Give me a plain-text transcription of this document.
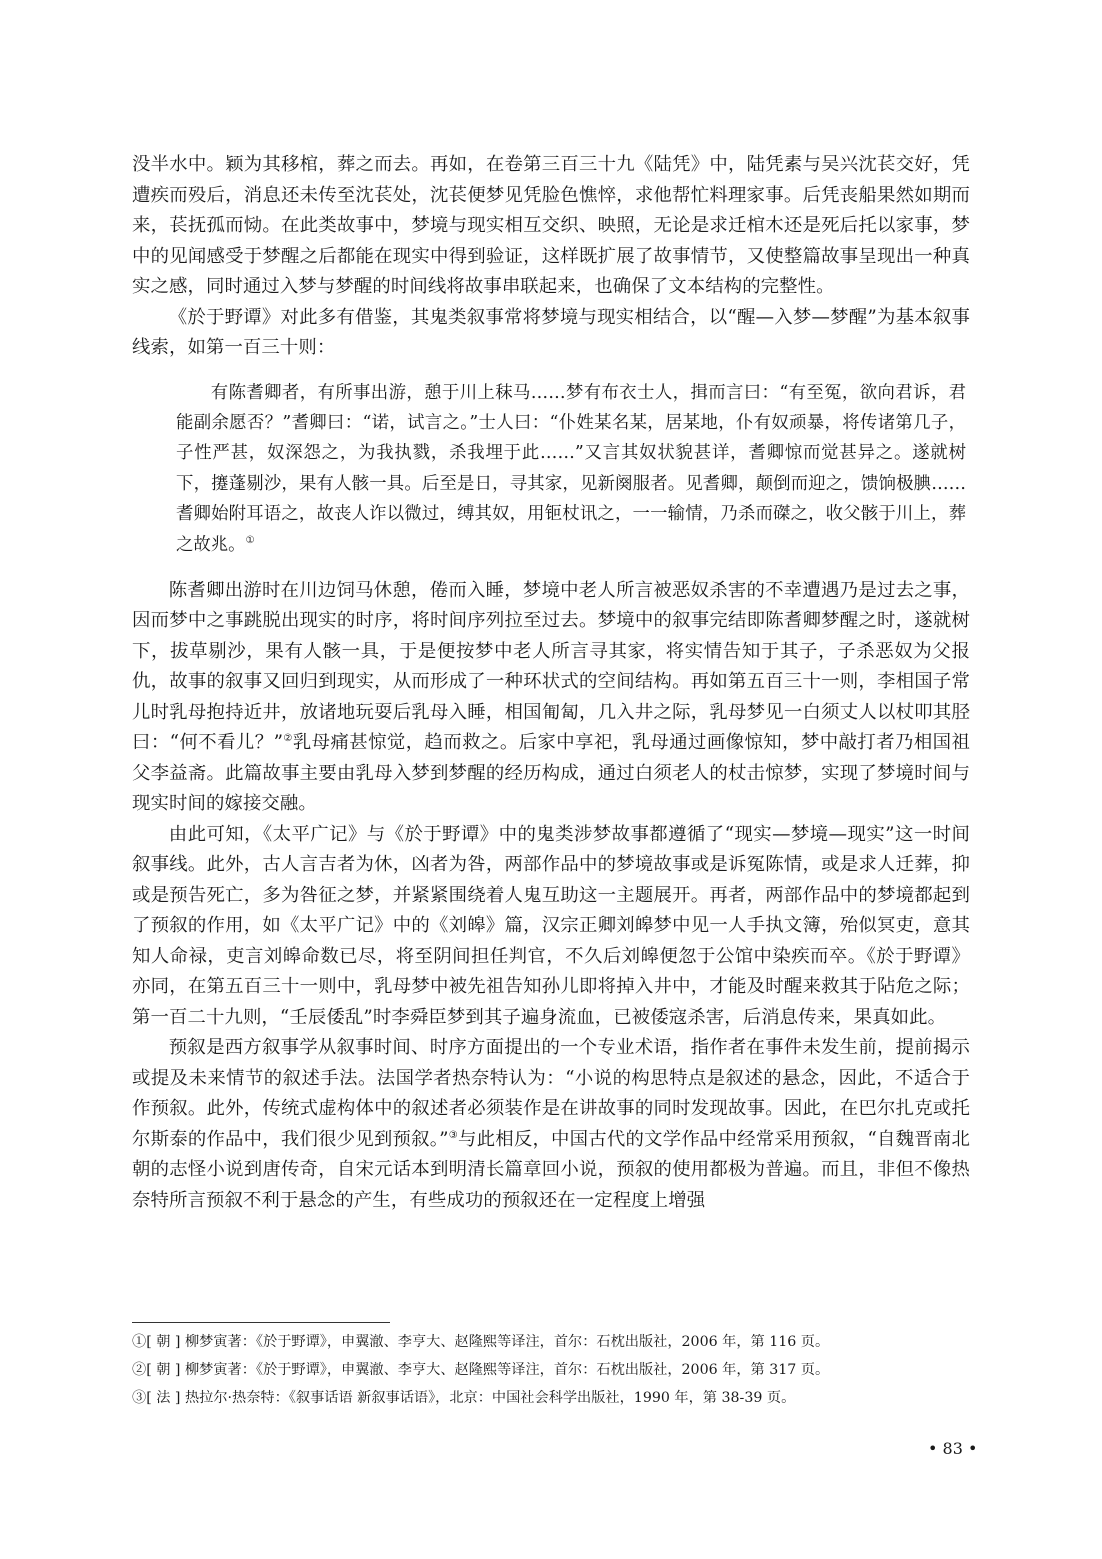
没半水中。颖为其移棺，葬之而去。再如，在卷第三百三十九《陆凭》中，陆凭素与吴兴沈苌交好，凭遭疾而殁后，消息还未传至沈苌处，沈苌便梦见凭脸色憔悴，求他帮忙料理家事。后凭丧船果然如期而来，苌抚孤而恸。在此类故事中，梦境与现实相互交织、映照，无论是求迁棺木还是死后托以家事，梦中的见闻感受于梦醒之后都能在现实中得到验证，这样既扩展了故事情节，又使整篇故事呈现出一种真实之感，同时通过入梦与梦醒的时间线将故事串联起来，也确保了文本结构的完整性。

《於于野谭》对此多有借鉴，其鬼类叙事常将梦境与现实相结合，以“醒—入梦—梦醒”为基本叙事线索，如第一百三十则：

有陈耆卿者，有所事出游，憩于川上秣马……梦有布衣士人，揖而言曰：“有至冤，欲向君诉，君能副余愿否？”耆卿曰：“诺，试言之。”士人曰：“仆姓某名某，居某地，仆有奴顽暴，将传诸第几子，子性严甚，奴深怨之，为我执戮，杀我埋于此……”又言其奴状貌甚详，耆卿惊而觉甚异之。遂就树下，攓蓬剔沙，果有人骸一具。后至是日，寻其家，见新阕服者。见耆卿，颠倒而迎之，馈饷极腆……耆卿始附耳语之，故丧人诈以微过，缚其奴，用钷杖讯之，一一输情，乃杀而磔之，收父骸于川上，葬之故兆。①

陈耆卿出游时在川边饲马休憩，倦而入睡，梦境中老人所言被恶奴杀害的不幸遭遇乃是过去之事，因而梦中之事跳脱出现实的时序，将时间序列拉至过去。梦境中的叙事完结即陈耆卿梦醒之时，遂就树下，拔草剔沙，果有人骸一具，于是便按梦中老人所言寻其家，将实情告知于其子，子杀恶奴为父报仇，故事的叙事又回归到现实，从而形成了一种环状式的空间结构。再如第五百三十一则，李相国子常儿时乳母抱持近井，放诸地玩耍后乳母入睡，相国匍匐，几入井之际，乳母梦见一白须丈人以杖叩其胫曰：“何不看儿？”②乳母痛甚惊觉，趋而救之。后家中享祀，乳母通过画像惊知，梦中敲打者乃相国祖父李益斋。此篇故事主要由乳母入梦到梦醒的经历构成，通过白须老人的杖击惊梦，实现了梦境时间与现实时间的嫁接交融。

由此可知，《太平广记》与《於于野谭》中的鬼类涉梦故事都遵循了“现实—梦境—现实”这一时间叙事线。此外，古人言吉者为休，凶者为咎，两部作品中的梦境故事或是诉冤陈情，或是求人迁葬，抑或是预告死亡，多为咎征之梦，并紧紧围绕着人鬼互助这一主题展开。再者，两部作品中的梦境都起到了预叙的作用，如《太平广记》中的《刘皞》篇，汉宗正卿刘皞梦中见一人手执文簿，殆似冥吏，意其知人命禄，吏言刘皞命数已尽，将至阴间担任判官，不久后刘皞便忽于公馆中染疾而卒。《於于野谭》亦同，在第五百三十一则中，乳母梦中被先祖告知孙儿即将掉入井中，才能及时醒来救其于阽危之际；第一百二十九则，“壬辰倭乱”时李舜臣梦到其子遍身流血，已被倭寇杀害，后消息传来，果真如此。

预叙是西方叙事学从叙事时间、时序方面提出的一个专业术语，指作者在事件未发生前，提前揭示或提及未来情节的叙述手法。法国学者热奈特认为：“小说的构思特点是叙述的悬念，因此，不适合于作预叙。此外，传统式虚构体中的叙述者必须装作是在讲故事的同时发现故事。因此，在巴尔扎克或托尔斯泰的作品中，我们很少见到预叙。”③与此相反，中国古代的文学作品中经常采用预叙，“自魏晋南北朝的志怪小说到唐传奇，自宋元话本到明清长篇章回小说，预叙的使用都极为普遍。而且，非但不像热奈特所言预叙不利于悬念的产生，有些成功的预叙还在一定程度上增强

①[ 朝 ] 柳梦寅著：《於于野谭》，申翼澈、李亨大、赵隆熙等译注，首尔：石枕出版社，2006 年，第 116 页。
②[ 朝 ] 柳梦寅著：《於于野谭》，申翼澈、李亨大、赵隆熙等译注，首尔：石枕出版社，2006 年，第 317 页。
③[ 法 ] 热拉尔·热奈特：《叙事话语 新叙事话语》，北京：中国社会科学出版社，1990 年，第 38-39 页。
• 83 •
